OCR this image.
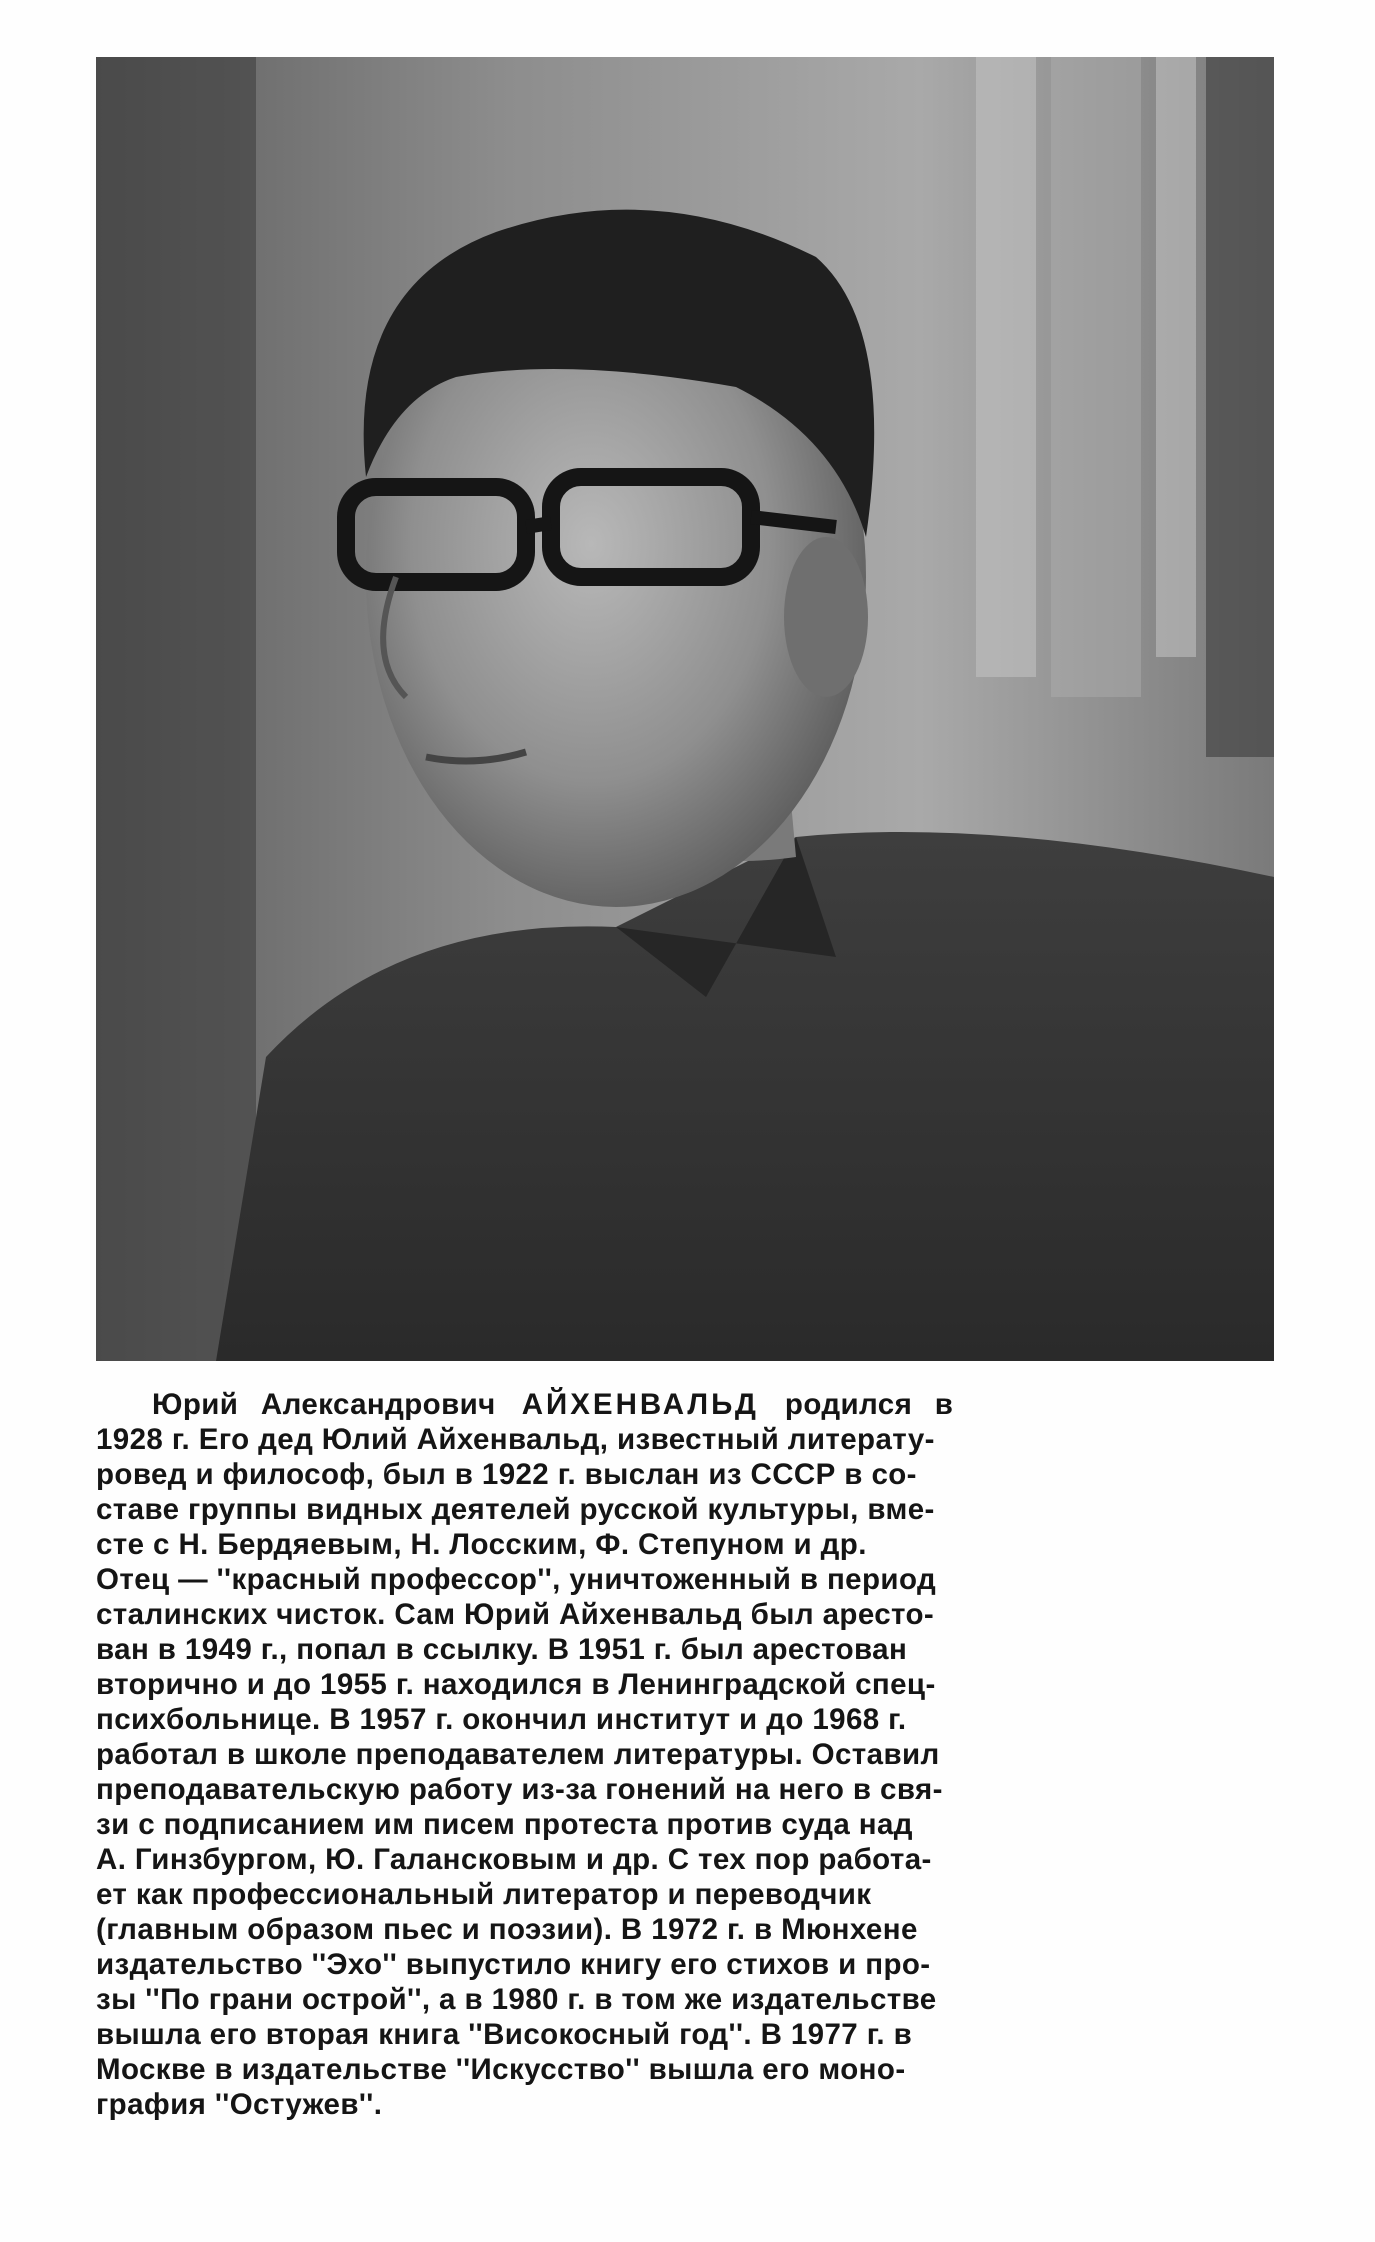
Юрий Александрович АЙХЕНВАЛЬД родился в
1928 г. Его дед Юлий Айхенвальд, известный литерату-
ровед и философ, был в 1922 г. выслан из СССР в со-
ставе группы видных деятелей русской культуры, вме-
сте с Н. Бердяевым, Н. Лосским, Ф. Степуном и др.
Отец — ''красный профессор'', уничтоженный в период
сталинских чисток. Сам Юрий Айхенвальд был аресто-
ван в 1949 г., попал в ссылку. В 1951 г. был арестован
вторично и до 1955 г. находился в Ленинградской спец-
психбольнице. В 1957 г. окончил институт и до 1968 г.
работал в школе преподавателем литературы. Оставил
преподавательскую работу из-за гонений на него в свя-
зи с подписанием им писем протеста против суда над
А. Гинзбургом, Ю. Галансковым и др. С тех пор работа-
ет как профессиональный литератор и переводчик
(главным образом пьес и поэзии). В 1972 г. в Мюнхене
издательство ''Эхо'' выпустило книгу его стихов и про-
зы ''По грани острой'', а в 1980 г. в том же издательстве
вышла его вторая книга ''Високосный год''. В 1977 г. в
Москве в издательстве ''Искусство'' вышла его моно-
графия ''Остужев''.
